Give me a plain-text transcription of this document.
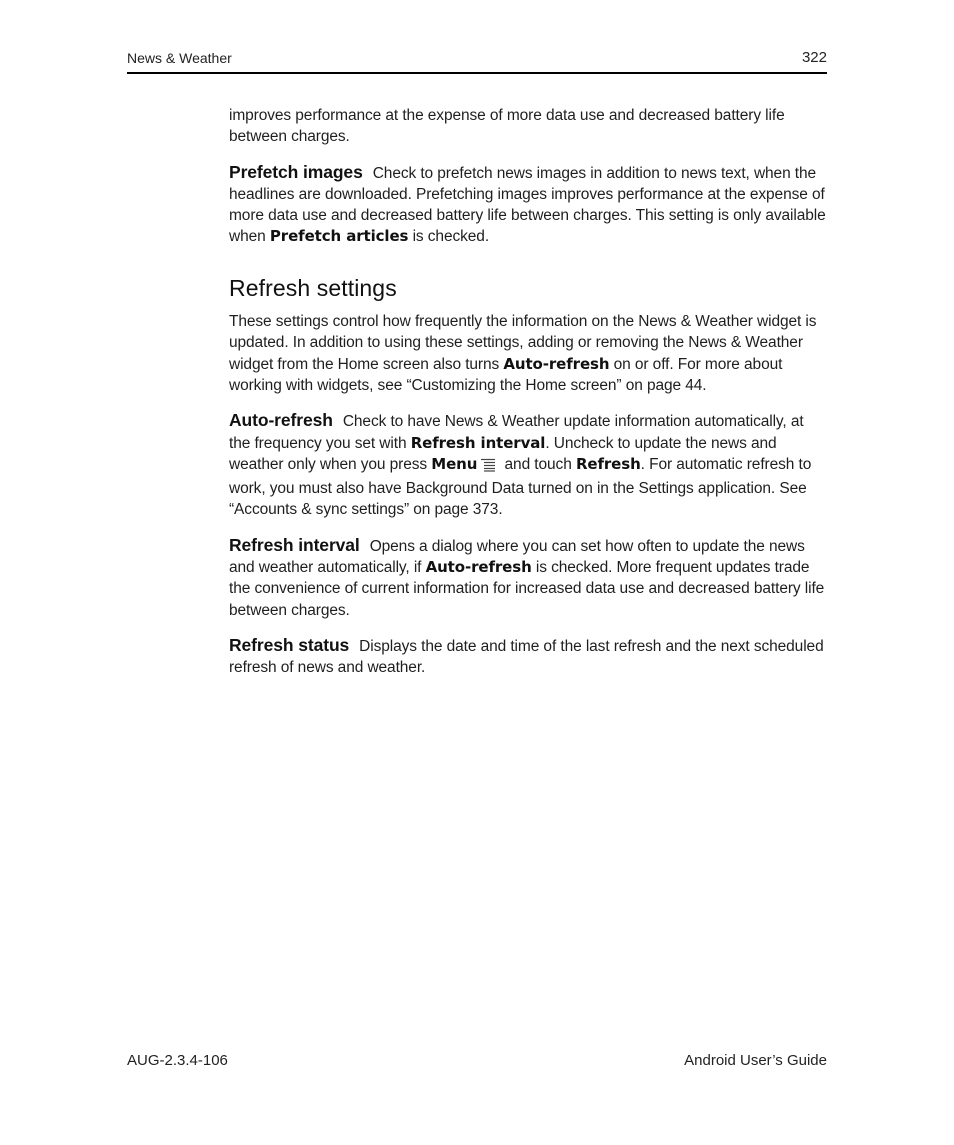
News & Weather	322

improves performance at the expense of more data use and decreased battery life between charges.

Prefetch images Check to prefetch news images in addition to news text, when the headlines are downloaded. Prefetching images improves performance at the expense of more data use and decreased battery life between charges. This setting is only available when Prefetch articles is checked.

Refresh settings

These settings control how frequently the information on the News & Weather widget is updated. In addition to using these settings, adding or removing the News & Weather widget from the Home screen also turns Auto-refresh on or off. For more about working with widgets, see “Customizing the Home screen” on page 44.

Auto-refresh Check to have News & Weather update information automatically, at the frequency you set with Refresh interval. Uncheck to update the news and weather only when you press Menu and touch Refresh. For automatic refresh to work, you must also have Background Data turned on in the Settings application. See “Accounts & sync settings” on page 373.

Refresh interval Opens a dialog where you can set how often to update the news and weather automatically, if Auto-refresh is checked. More frequent updates trade the convenience of current information for increased data use and decreased battery life between charges.

Refresh status Displays the date and time of the last refresh and the next scheduled refresh of news and weather.

AUG-2.3.4-106	Android User’s Guide
